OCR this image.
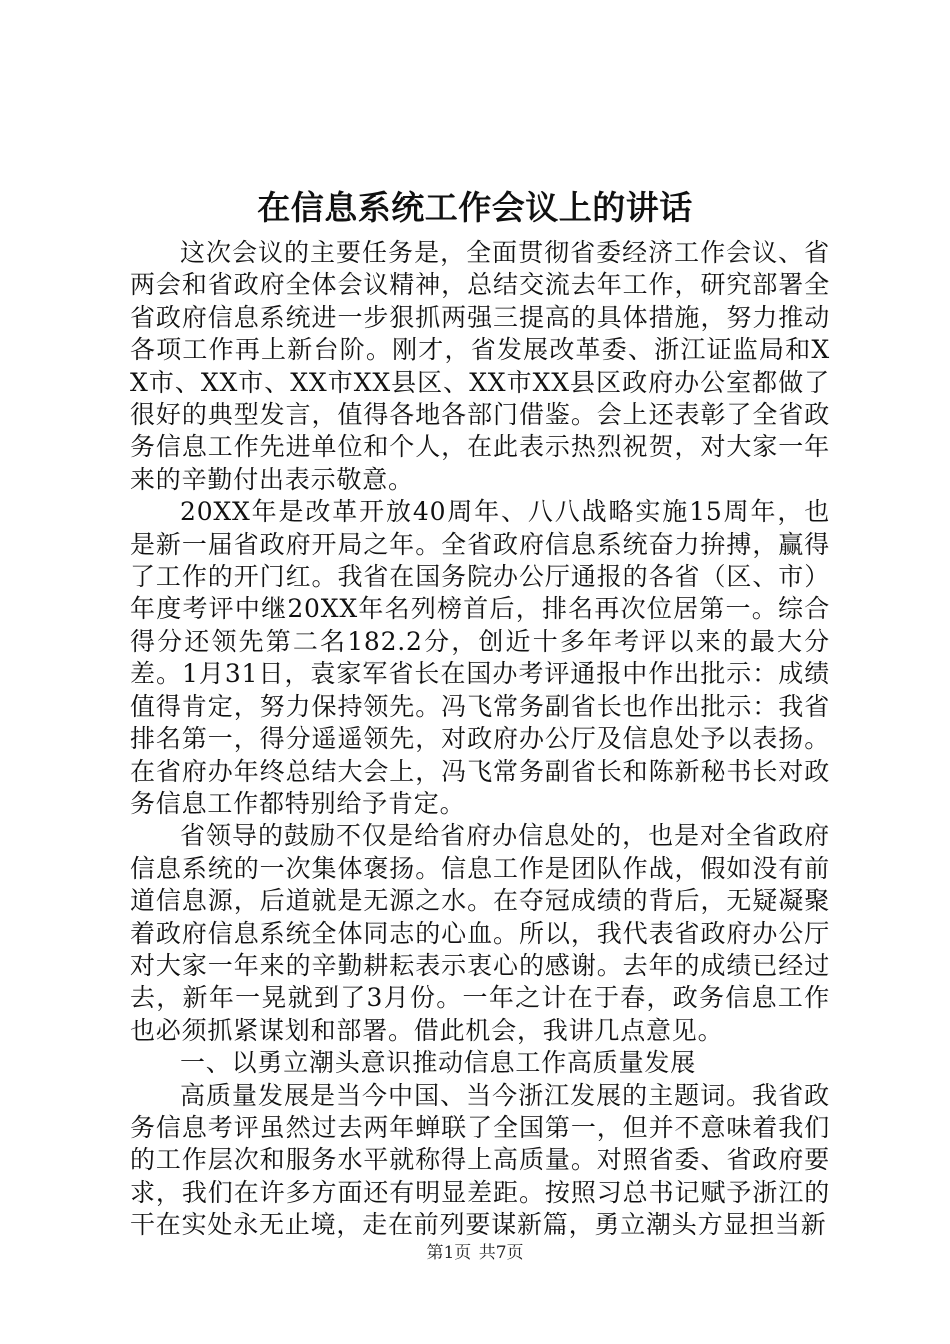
在信息系统工作会议上的讲话

这次会议的主要任务是，全面贯彻省委经济工作会议、省两会和省政府全体会议精神，总结交流去年工作，研究部署全省政府信息系统进一步狠抓两强三提高的具体措施，努力推动各项工作再上新台阶。刚才，省发展改革委、浙江证监局和XX市、XX市、XX市XX县区、XX市XX县区政府办公室都做了很好的典型发言，值得各地各部门借鉴。会上还表彰了全省政务信息工作先进单位和个人，在此表示热烈祝贺，对大家一年来的辛勤付出表示敬意。

20XX年是改革开放40周年、八八战略实施15周年，也是新一届省政府开局之年。全省政府信息系统奋力拚搏，赢得了工作的开门红。我省在国务院办公厅通报的各省（区、市）年度考评中继20XX年名列榜首后，排名再次位居第一。综合得分还领先第二名182.2分，创近十多年考评以来的最大分差。1月31日，袁家军省长在国办考评通报中作出批示：成绩值得肯定，努力保持领先。冯飞常务副省长也作出批示：我省排名第一，得分遥遥领先，对政府办公厅及信息处予以表扬。在省府办年终总结大会上，冯飞常务副省长和陈新秘书长对政务信息工作都特别给予肯定。

省领导的鼓励不仅是给省府办信息处的，也是对全省政府信息系统的一次集体褒扬。信息工作是团队作战，假如没有前道信息源，后道就是无源之水。在夺冠成绩的背后，无疑凝聚着政府信息系统全体同志的心血。所以，我代表省政府办公厅对大家一年来的辛勤耕耘表示衷心的感谢。去年的成绩已经过去，新年一晃就到了3月份。一年之计在于春，政务信息工作也必须抓紧谋划和部署。借此机会，我讲几点意见。

一、以勇立潮头意识推动信息工作高质量发展

高质量发展是当今中国、当今浙江发展的主题词。我省政务信息考评虽然过去两年蝉联了全国第一，但并不意味着我们的工作层次和服务水平就称得上高质量。对照省委、省政府要求，我们在许多方面还有明显差距。按照习总书记赋予浙江的干在实处永无止境，走在前列要谋新篇，勇立潮头方显担当新

第1页 共7页
